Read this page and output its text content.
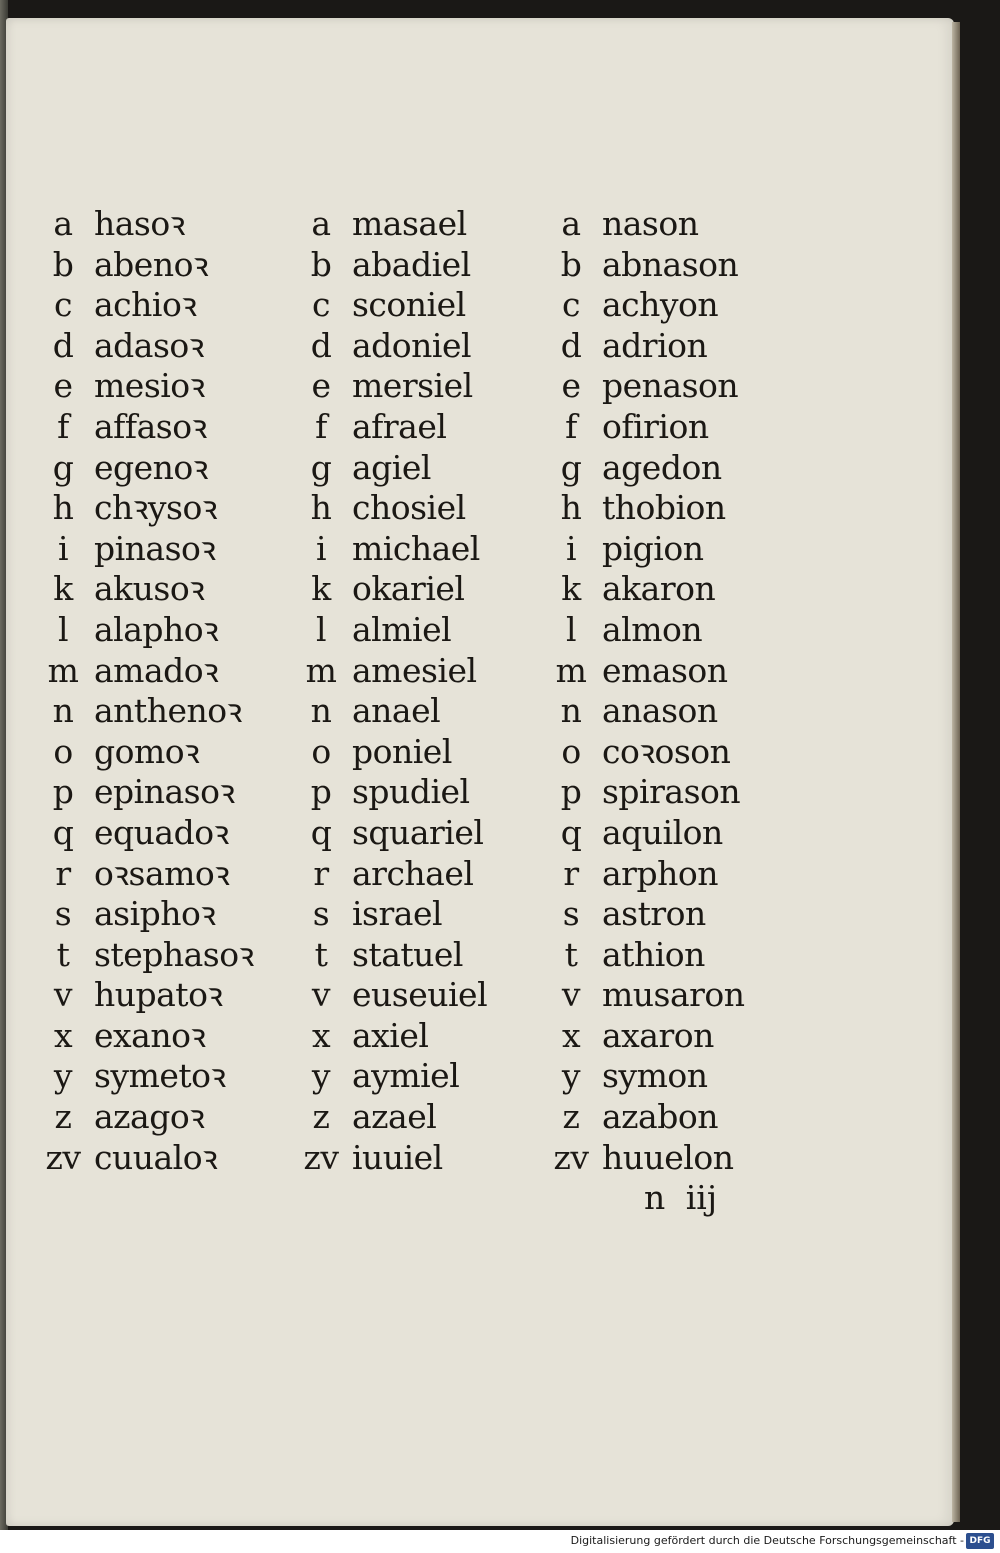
a hasoꝛ
b abenoꝛ
c achioꝛ
d adasoꝛ
e mesioꝛ
f affasoꝛ
g egenoꝛ
h chꝛysoꝛ
i pinasoꝛ
k akusoꝛ
l alaphoꝛ
m amadoꝛ
n anthenoꝛ
o gomoꝛ
p epinasoꝛ
q equadoꝛ
r oꝛsamoꝛ
s asiphoꝛ
t stephasoꝛ
v hupatoꝛ
x exanoꝛ
y symetoꝛ
z azagoꝛ
zv cuualoꝛ
a masael
b abadiel
c sconiel
d adoniel
e mersiel
f afrael
g agiel
h chosiel
i michael
k okariel
l almiel
m amesiel
n anael
o poniel
p spudiel
q squariel
r archael
s israel
t statuel
v euseuiel
x axiel
y aymiel
z azael
zv iuuiel
a nason
b abnason
c achyon
d adrion
e penason
f ofirion
g agedon
h thobion
i pigion
k akaron
l almon
m emason
n anason
o coꝛoson
p spirason
q aquilon
r arphon
s astron
t athion
v musaron
x axaron
y symon
z azabon
zv huuelon
n iij
Digitalisierung gefördert durch die Deutsche Forschungsgemeinschaft - DFG
